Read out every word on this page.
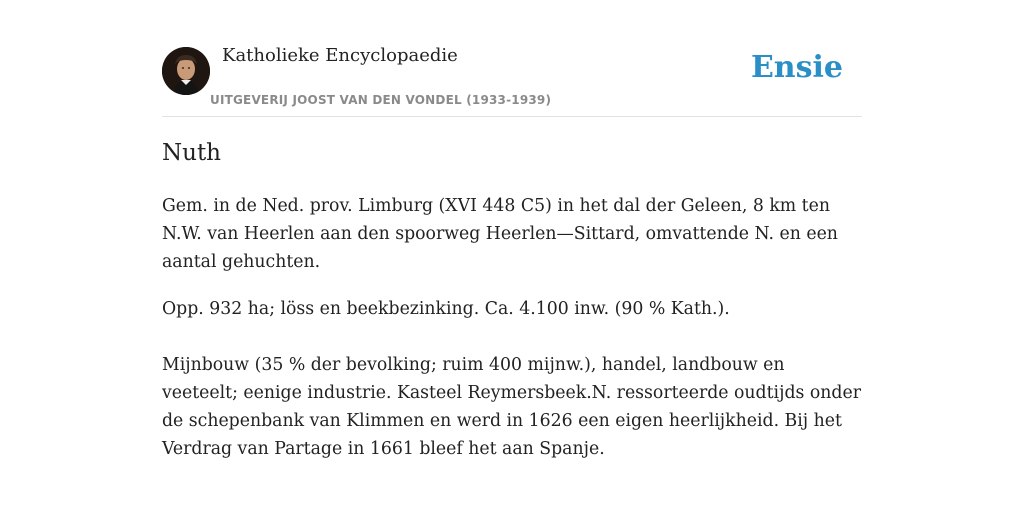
Katholieke Encyclopaedie
UITGEVERIJ JOOST VAN DEN VONDEL (1933-1939)
Ensie
Nuth

Gem. in de Ned. prov. Limburg (XVI 448 C5) in het dal der Geleen, 8 km ten N.W. van Heerlen aan den spoorweg Heerlen—Sittard, omvattende N. en een aantal gehuchten.

Opp. 932 ha; löss en beekbezinking. Ca. 4.100 inw. (90 % Kath.).

Mijnbouw (35 % der bevolking; ruim 400 mijnw.), handel, landbouw en veeteelt; eenige industrie. Kasteel Reymersbeek.N. ressorteerde oudtijds onder de schepenbank van Klimmen en werd in 1626 een eigen heerlijkheid. Bij het Verdrag van Partage in 1661 bleef het aan Spanje.
